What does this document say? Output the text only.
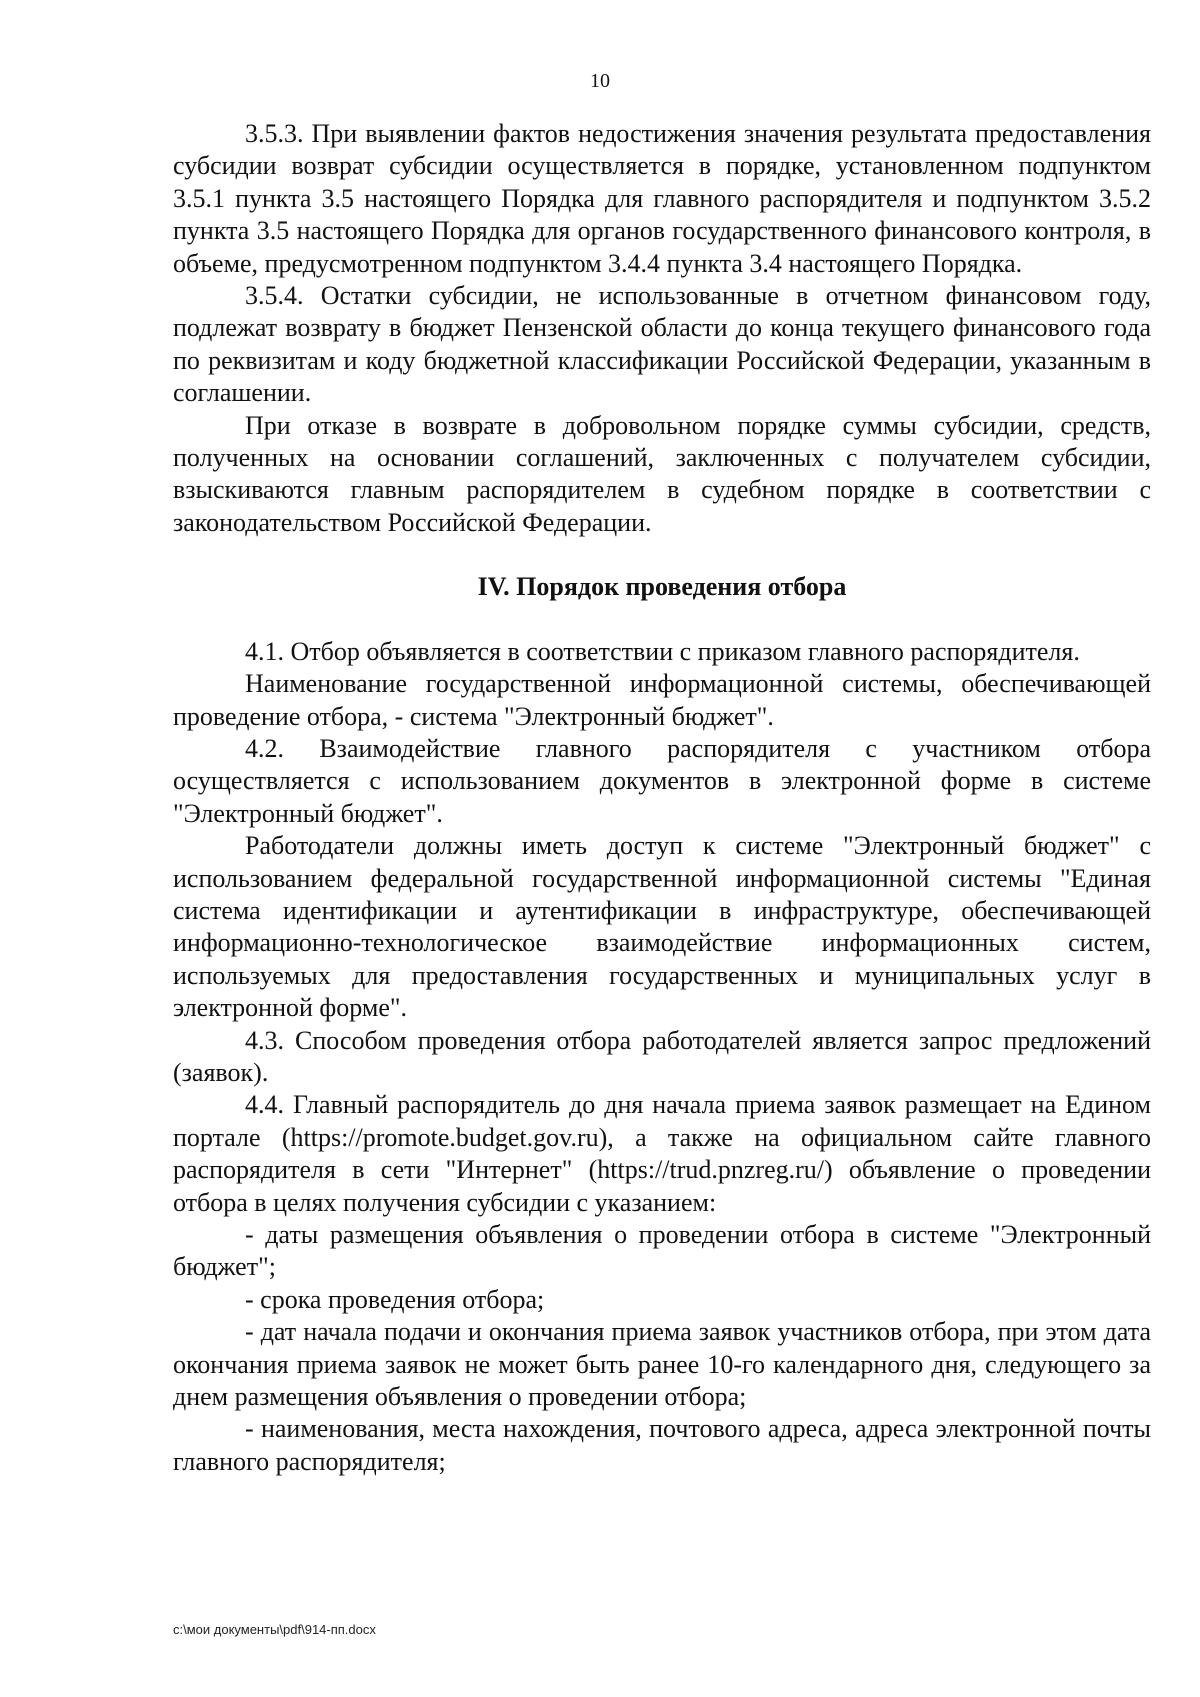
10

3.5.3. При выявлении фактов недостижения значения результата предоставления субсидии возврат субсидии осуществляется в порядке, установленном подпунктом 3.5.1 пункта 3.5 настоящего Порядка для главного распорядителя и подпунктом 3.5.2 пункта 3.5 настоящего Порядка для органов государственного финансового контроля, в объеме, предусмотренном подпунктом 3.4.4 пункта 3.4 настоящего Порядка.

3.5.4. Остатки субсидии, не использованные в отчетном финансовом году, подлежат возврату в бюджет Пензенской области до конца текущего финансового года по реквизитам и коду бюджетной классификации Российской Федерации, указанным в соглашении.

При отказе в возврате в добровольном порядке суммы субсидии, средств, полученных на основании соглашений, заключенных с получателем субсидии, взыскиваются главным распорядителем в судебном порядке в соответствии с законодательством Российской Федерации.

IV. Порядок проведения отбора

4.1. Отбор объявляется в соответствии с приказом главного распорядителя.

Наименование государственной информационной системы, обеспечивающей проведение отбора, - система "Электронный бюджет".

4.2. Взаимодействие главного распорядителя с участником отбора осуществляется с использованием документов в электронной форме в системе "Электронный бюджет".

Работодатели должны иметь доступ к системе "Электронный бюджет" с использованием федеральной государственной информационной системы "Единая система идентификации и аутентификации в инфраструктуре, обеспечивающей информационно-технологическое взаимодействие информационных систем, используемых для предоставления государственных и муниципальных услуг в электронной форме".

4.3. Способом проведения отбора работодателей является запрос предложений (заявок).

4.4. Главный распорядитель до дня начала приема заявок размещает на Едином портале (https://promote.budget.gov.ru), а также на официальном сайте главного распорядителя в сети "Интернет" (https://trud.pnzreg.ru/) объявление о проведении отбора в целях получения субсидии с указанием:

- даты размещения объявления о проведении отбора в системе "Электронный бюджет";

- срока проведения отбора;

- дат начала подачи и окончания приема заявок участников отбора, при этом дата окончания приема заявок не может быть ранее 10-го календарного дня, следующего за днем размещения объявления о проведении отбора;

- наименования, места нахождения, почтового адреса, адреса электронной почты главного распорядителя;

c:\мои документы\pdf\914-пп.docx
